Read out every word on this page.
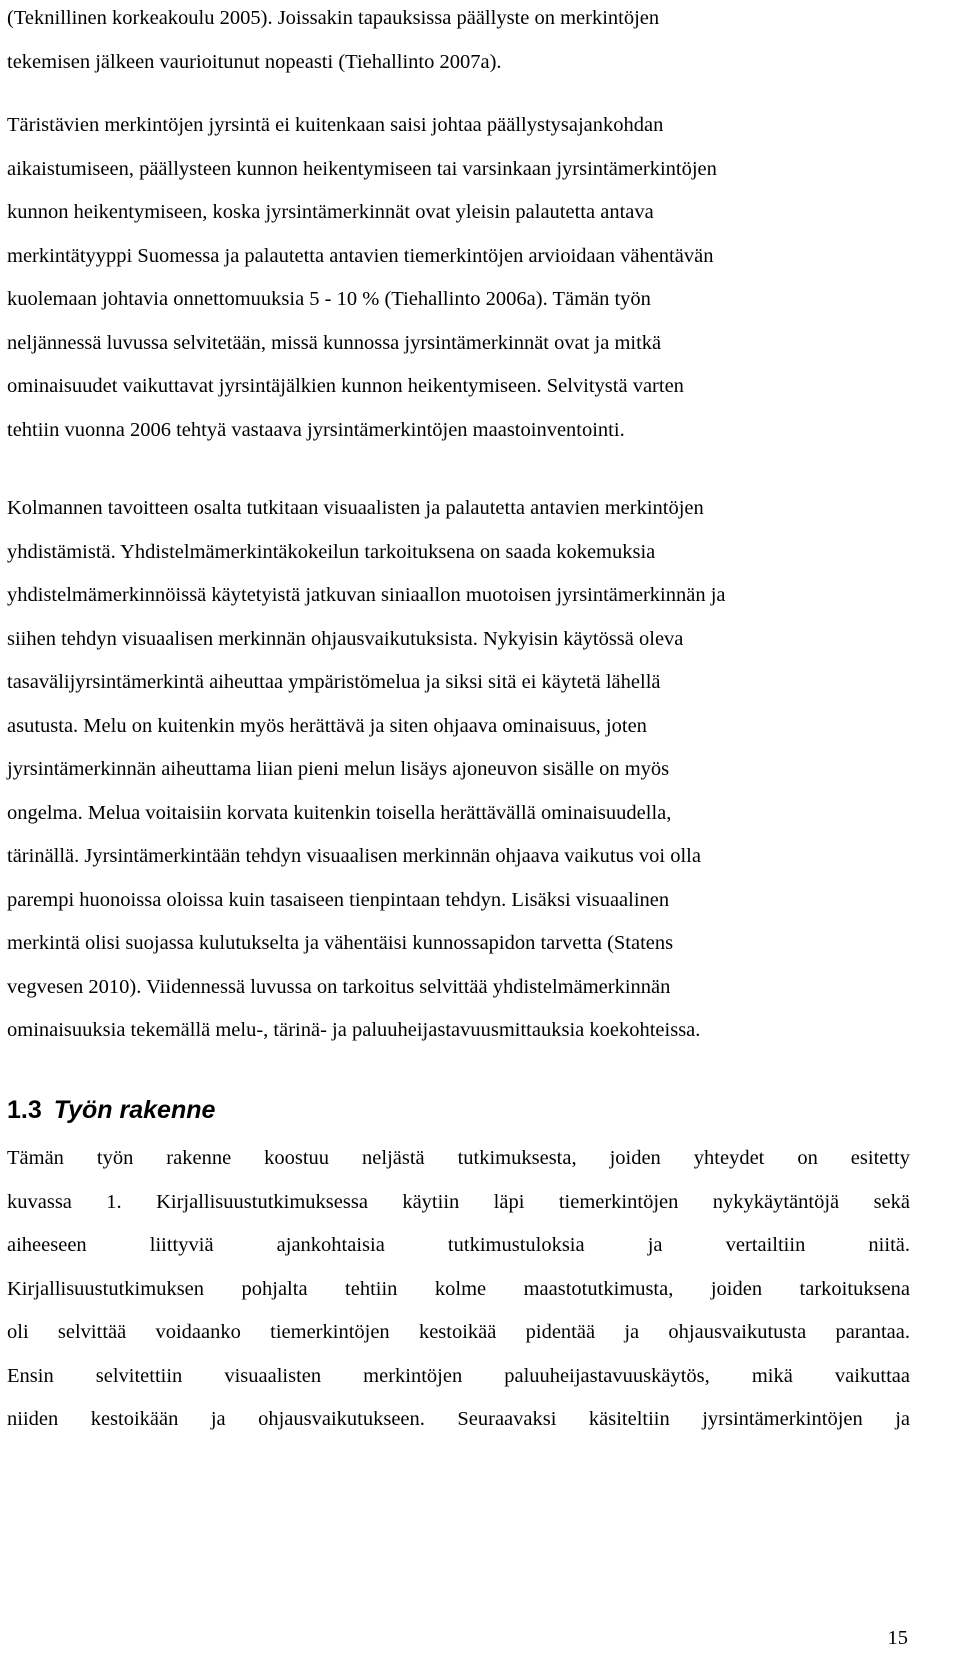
(Teknillinen korkeakoulu 2005). Joissakin tapauksissa päällyste on merkintöjen
tekemisen jälkeen vaurioitunut nopeasti (Tiehallinto 2007a).

Täristävien merkintöjen jyrsintä ei kuitenkaan saisi johtaa päällystysajankohdan
aikaistumiseen, päällysteen kunnon heikentymiseen tai varsinkaan jyrsintämerkintöjen
kunnon heikentymiseen, koska jyrsintämerkinnät ovat yleisin palautetta antava
merkintätyyppi Suomessa ja palautetta antavien tiemerkintöjen arvioidaan vähentävän
kuolemaan johtavia onnettomuuksia 5 - 10 % (Tiehallinto 2006a). Tämän työn
neljännessä luvussa selvitetään, missä kunnossa jyrsintämerkinnät ovat ja mitkä
ominaisuudet vaikuttavat jyrsintäjälkien kunnon heikentymiseen. Selvitystä varten
tehtiin vuonna 2006 tehtyä vastaava jyrsintämerkintöjen maastoinventointi.

Kolmannen tavoitteen osalta tutkitaan visuaalisten ja palautetta antavien merkintöjen
yhdistämistä. Yhdistelmämerkintäkokeilun tarkoituksena on saada kokemuksia
yhdistelmämerkinnöissä käytetyistä jatkuvan siniaallon muotoisen jyrsintämerkinnän ja
siihen tehdyn visuaalisen merkinnän ohjausvaikutuksista. Nykyisin käytössä oleva
tasavälijyrsintämerkintä aiheuttaa ympäristömelua ja siksi sitä ei käytetä lähellä
asutusta. Melu on kuitenkin myös herättävä ja siten ohjaava ominaisuus, joten
jyrsintämerkinnän aiheuttama liian pieni melun lisäys ajoneuvon sisälle on myös
ongelma. Melua voitaisiin korvata kuitenkin toisella herättävällä ominaisuudella,
tärinällä. Jyrsintämerkintään tehdyn visuaalisen merkinnän ohjaava vaikutus voi olla
parempi huonoissa oloissa kuin tasaiseen tienpintaan tehdyn. Lisäksi visuaalinen
merkintä olisi suojassa kulutukselta ja vähentäisi kunnossapidon tarvetta (Statens
vegvesen 2010). Viidennessä luvussa on tarkoitus selvittää yhdistelmämerkinnän
ominaisuuksia tekemällä melu-, tärinä- ja paluuheijastavuusmittauksia koekohteissa.

1.3 Työn rakenne

Tämän työn rakenne koostuu neljästä tutkimuksesta, joiden yhteydet on esitetty
kuvassa 1. Kirjallisuustutkimuksessa käytiin läpi tiemerkintöjen nykykäytäntöjä sekä
aiheeseen liittyviä ajankohtaisia tutkimustuloksia ja vertailtiin niitä.
Kirjallisuustutkimuksen pohjalta tehtiin kolme maastotutkimusta, joiden tarkoituksena
oli selvittää voidaanko tiemerkintöjen kestoikää pidentää ja ohjausvaikutusta parantaa.
Ensin selvitettiin visuaalisten merkintöjen paluuheijastavuuskäytös, mikä vaikuttaa
niiden kestoikään ja ohjausvaikutukseen. Seuraavaksi käsiteltiin jyrsintämerkintöjen ja

15
